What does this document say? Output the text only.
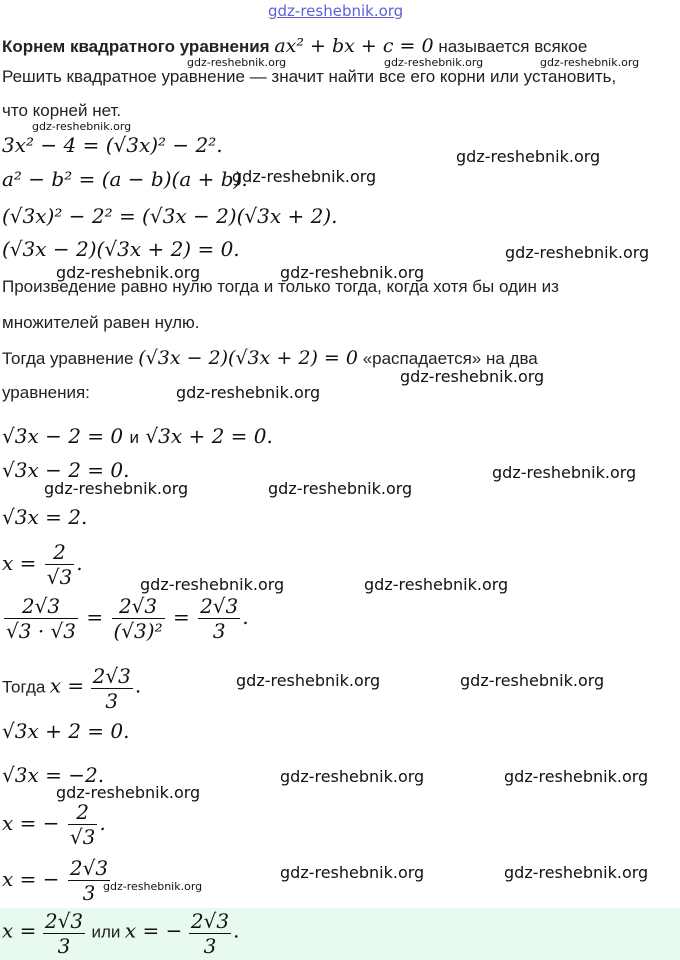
gdz-reshebnik.org
Корнем квадратного уравнения ax² + bx + c = 0 называется всякое
gdz-reshebnik.org	gdz-reshebnik.org	gdz-reshebnik.org
Решить квадратное уравнение — значит найти все его корни или установить,
что корней нет.
gdz-reshebnik.org
3x² − 4 = (√3x)² − 2².	gdz-reshebnik.org
a² − b² = (a − b)(a + b).
gdz-reshebnik.org
(√3x)² − 2² = (√3x − 2)(√3x + 2).
(√3x − 2)(√3x + 2) = 0.	gdz-reshebnik.org
gdz-reshebnik.org	gdz-reshebnik.org
Произведение равно нулю тогда и только тогда, когда хотя бы один из
множителей равен нулю.
Тогда уравнение (√3x − 2)(√3x + 2) = 0 «распадается» на два
gdz-reshebnik.org
уравнения:	gdz-reshebnik.org
√3x − 2 = 0 и √3x + 2 = 0.
√3x − 2 = 0.	gdz-reshebnik.org
gdz-reshebnik.org	gdz-reshebnik.org
√3x = 2.
$x = \frac{2}{√3}$ .
gdz-reshebnik.org	gdz-reshebnik.org
$\frac{2√3}{√3 \cdot √3} = \frac{2√3}{\text{(√3)²}} = \frac{2√3}{3}$ .
Тогда $x = \frac{2√3}{3}$ .	gdz-reshebnik.org	gdz-reshebnik.org
√3x + 2 = 0.
√3x = −2.	gdz-reshebnik.org	gdz-reshebnik.org
gdz-reshebnik.org
x = − $\frac{2}{√3}$ .
x = − $\frac{2√3}{3}$
gdz-reshebnik.org
gdz-reshebnik.org	gdz-reshebnik.org
$x = \frac{2√3}{3}$ или x = − $\frac{2√3}{3}$ .
